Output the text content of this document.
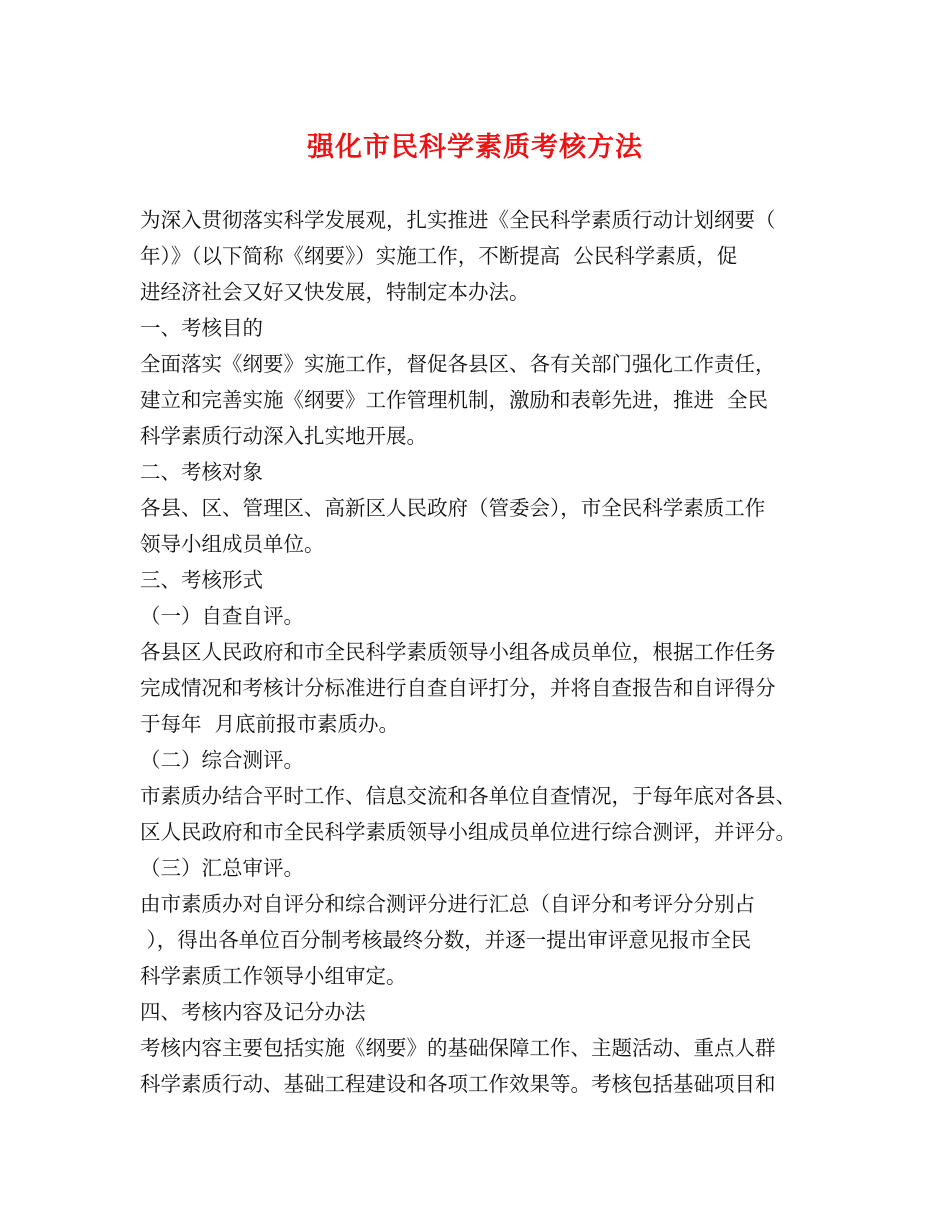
强化市民科学素质考核方法
为深入贯彻落实科学发展观，扎实推进《全民科学素质行动计划纲要（
年）》（以下简称《纲要》）实施工作，不断提高  公民科学素质，促
进经济社会又好又快发展，特制定本办法。
一、考核目的
全面落实《纲要》实施工作，督促各县区、各有关部门强化工作责任，
建立和完善实施《纲要》工作管理机制，激励和表彰先进，推进  全民
科学素质行动深入扎实地开展。
二、考核对象
各县、区、管理区、高新区人民政府（管委会），市全民科学素质工作
领导小组成员单位。
三、考核形式
（一）自查自评。
各县区人民政府和市全民科学素质领导小组各成员单位，根据工作任务
完成情况和考核计分标准进行自查自评打分，并将自查报告和自评得分
于每年  月底前报市素质办。
（二）综合测评。
市素质办结合平时工作、信息交流和各单位自查情况，于每年底对各县、
区人民政府和市全民科学素质领导小组成员单位进行综合测评，并评分。
（三）汇总审评。
由市素质办对自评分和综合测评分进行汇总（自评分和考评分分别占
），得出各单位百分制考核最终分数，并逐一提出审评意见报市全民
科学素质工作领导小组审定。
四、考核内容及记分办法
考核内容主要包括实施《纲要》的基础保障工作、主题活动、重点人群
科学素质行动、基础工程建设和各项工作效果等。考核包括基础项目和
